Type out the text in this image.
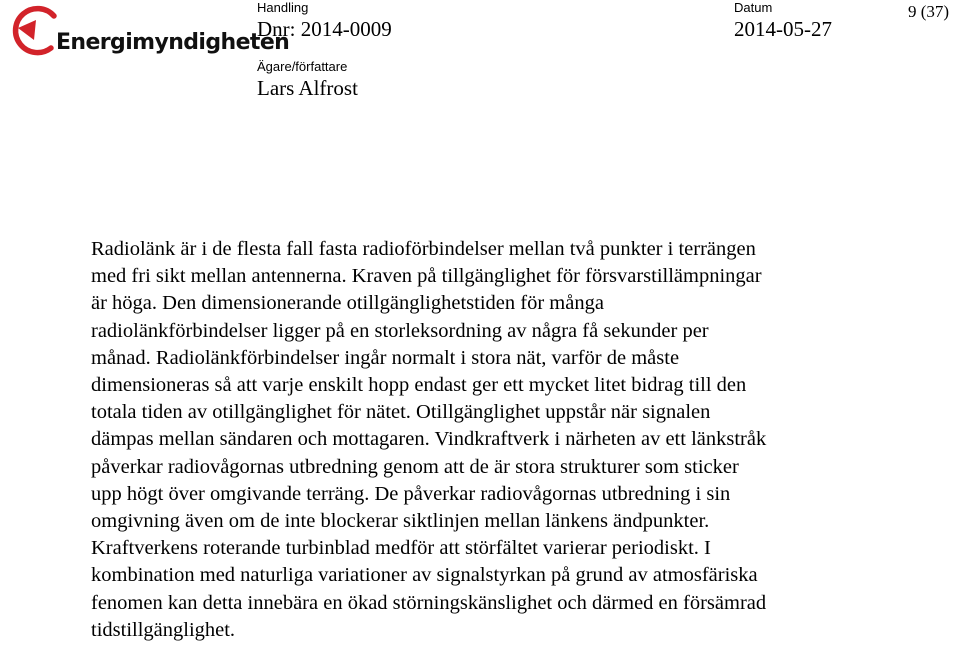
Energimyndigheten
Handling
Dnr: 2014-0009
Datum
2014-05-27
Ägare/författare
Lars Alfrost
9 (37)

Radiolänk är i de flesta fall fasta radioförbindelser mellan två punkter i terrängen
med fri sikt mellan antennerna. Kraven på tillgänglighet för försvarstillämpningar
är höga. Den dimensionerande otillgänglighetstiden för många
radiolänkförbindelser ligger på en storleksordning av några få sekunder per
månad. Radiolänkförbindelser ingår normalt i stora nät, varför de måste
dimensioneras så att varje enskilt hopp endast ger ett mycket litet bidrag till den
totala tiden av otillgänglighet för nätet. Otillgänglighet uppstår när signalen
dämpas mellan sändaren och mottagaren. Vindkraftverk i närheten av ett länkstråk
påverkar radiovågornas utbredning genom att de är stora strukturer som sticker
upp högt över omgivande terräng. De påverkar radiovågornas utbredning i sin
omgivning även om de inte blockerar siktlinjen mellan länkens ändpunkter.
Kraftverkens roterande turbinblad medför att störfältet varierar periodiskt. I
kombination med naturliga variationer av signalstyrkan på grund av atmosfäriska
fenomen kan detta innebära en ökad störningskänslighet och därmed en försämrad
tidstillgänglighet.
